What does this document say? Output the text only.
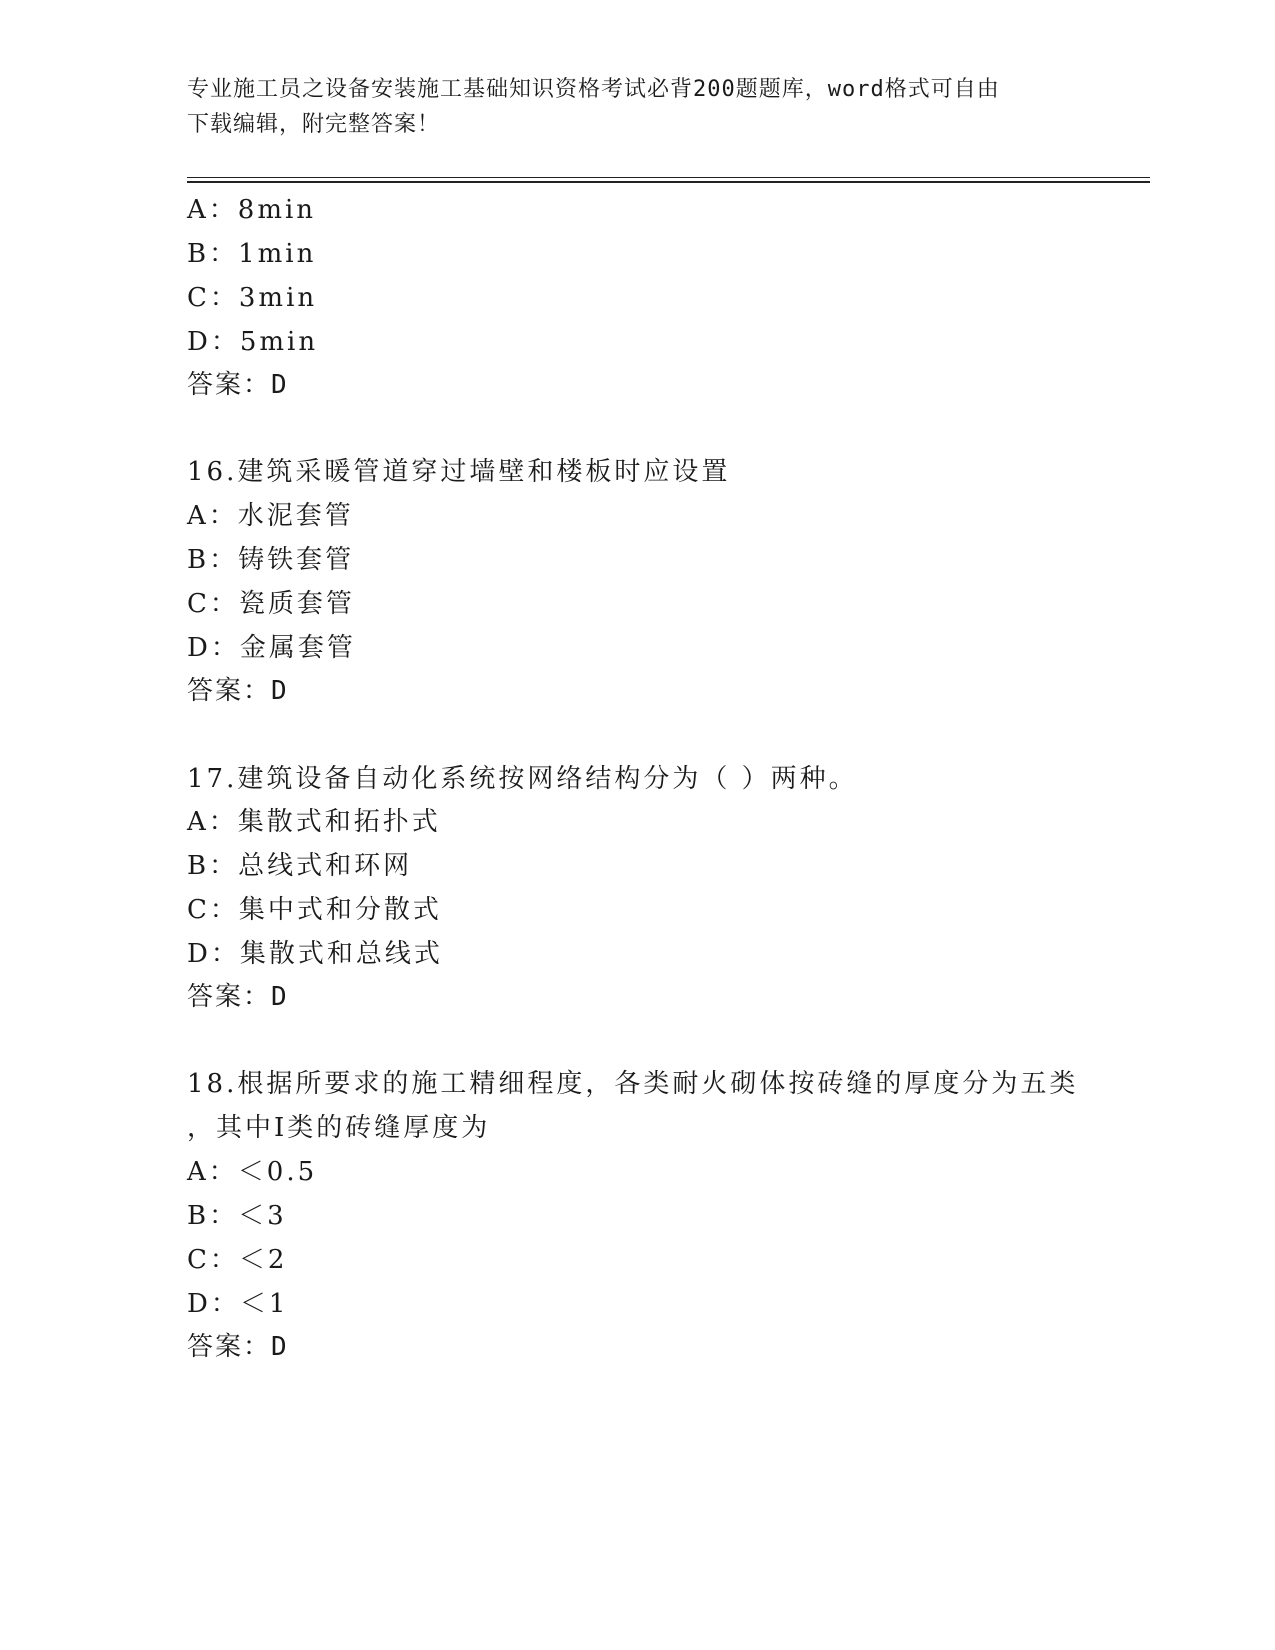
专业施工员之设备安装施工基础知识资格考试必背200题题库，word格式可自由
下载编辑，附完整答案！
A：8min
B：1min
C：3min
D：5min
答案：D
16.建筑采暖管道穿过墙壁和楼板时应设置
A：水泥套管
B：铸铁套管
C：瓷质套管
D：金属套管
答案：D
17.建筑设备自动化系统按网络结构分为（ ）两种。
A：集散式和拓扑式
B：总线式和环网
C：集中式和分散式
D：集散式和总线式
答案：D
18.根据所要求的施工精细程度，各类耐火砌体按砖缝的厚度分为五类
，其中Ⅰ类的砖缝厚度为
A：＜0.5
B：＜3
C：＜2
D：＜1
答案：D
